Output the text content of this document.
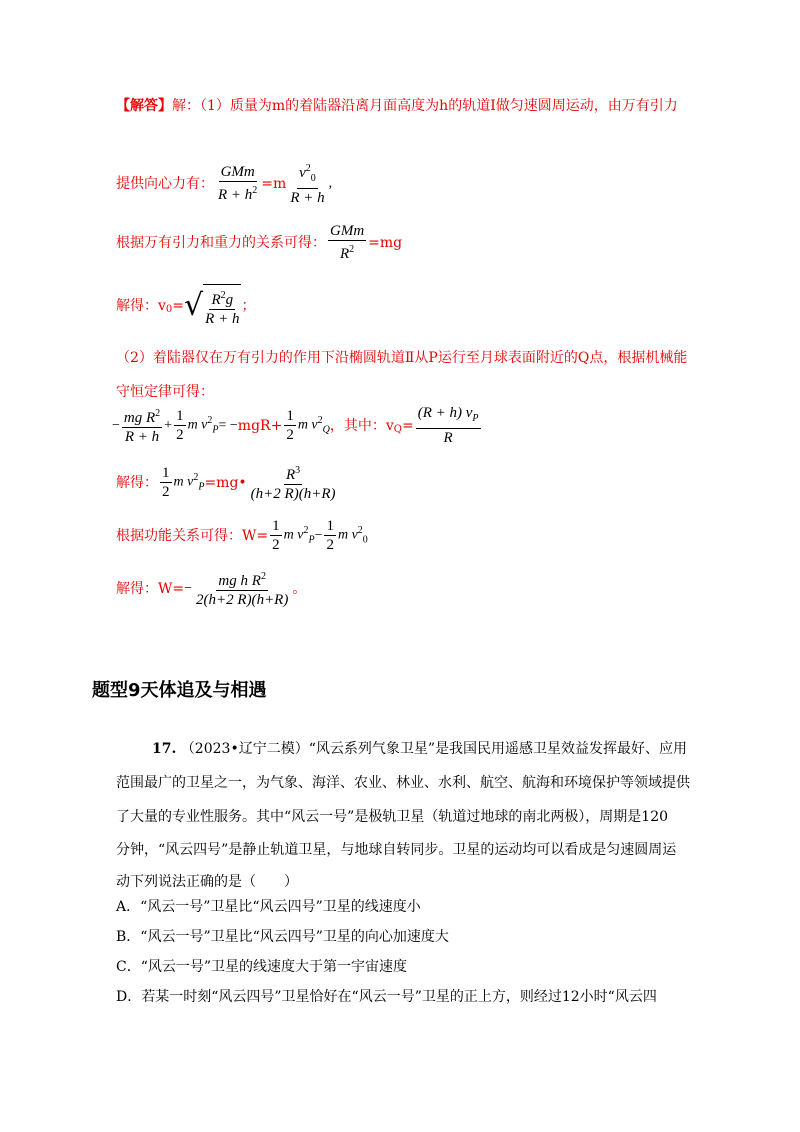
【解答】解：（1）质量为m的着陆器沿离月面高度为h的轨道Ⅰ做匀速圆周运动，由万有引力
提供向心力有： $\frac{\text{GMm}}{R + h^2} =m \frac{v^2_0}{R + h}$ ,
根据万有引力和重力的关系可得： $\frac{\text{GMm}}{R^2} =mg$
解得：v 0 = √ $\frac{R^2g}{R + h}$ ；
（2）着陆器仅在万有引力的作用下沿椭圆轨道Ⅱ从P运行至月球表面附近的Q点，根据机械能
守恒定律可得：
− $\frac{mg R^2}{R + h} + \frac{1}{2}$ m $v^2_P$ = − $mgR+ \frac{1}{2}$ m $v^2_Q$ ，其中：v $Q = \frac{(R + h) v_P}{R}$
解得： $\frac{1}{2}$ m $v^2_P =mg$ • $\frac{R^3}{(h+2 R)(h+R)}$
根据功能关系可得：$W= \frac{1}{2}$ m $v^2_P - \frac{1}{2}$ m $v^2_0$
解得：$W= - \frac{mg h R^2}{2(h+2 R)(h+R)}$ 。
题型9天体追及与相遇
17. （2023•辽宁二模）“风云系列气象卫星”是我国民用遥感卫星效益发挥最好、应用
范围最广的卫星之一，为气象、海洋、农业、林业、水利、航空、航海和环境保护等领域提供
了大量的专业性服务。其中“风云一号”是极轨卫星（轨道过地球的南北两极），周期是120
分钟，“风云四号”是静止轨道卫星，与地球自转同步。卫星的运动均可以看成是匀速圆周运
动下列说法正确的是（　　）
A．“风云一号”卫星比“风云四号”卫星的线速度小
B．“风云一号”卫星比“风云四号”卫星的向心加速度大
C．“风云一号”卫星的线速度大于第一宇宙速度
D．若某一时刻“风云四号”卫星恰好在“风云一号”卫星的正上方，则经过12小时“风云四
